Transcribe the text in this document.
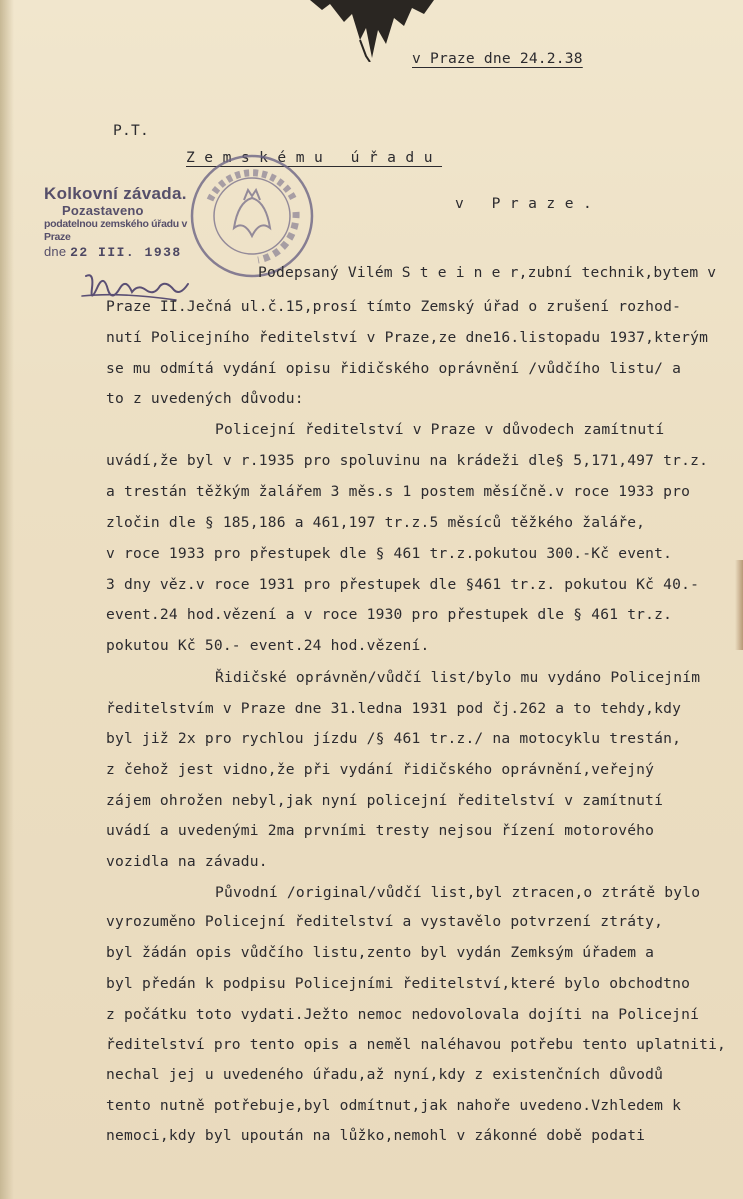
v Praze dne 24.2.38
P.T.
Zemskému úřadu
v Praze.
Kolkovní závada.
Pozastaveno
podatelnou zemského úřadu v Praze
dne 22 III. 1938
Podepsaný Vilém S t e i n e r,zubní technik,bytem v
Praze II.Ječná ul.č.15,prosí tímto Zemský úřad o zrušení rozhod-
nutí Policejního ředitelství v Praze,ze dne16.listopadu 1937,kterým
se mu odmítá vydání opisu řidičského oprávnění /vůdčího listu/ a
to z uvedených důvodu:
Policejní ředitelství v Praze v důvodech zamítnutí
uvádí,že byl v r.1935 pro spoluvinu na krádeži dle§ 5,171,497 tr.z.
a trestán těžkým žalářem 3 měs.s 1 postem měsíčně.v roce 1933 pro
zločin dle § 185,186 a 461,197 tr.z.5 měsíců těžkého žaláře,
v roce 1933 pro přestupek dle § 461 tr.z.pokutou 300.-Kč event.
3 dny věz.v roce 1931 pro přestupek dle §461 tr.z. pokutou Kč 40.-
event.24 hod.vězení a v roce 1930 pro přestupek dle § 461 tr.z.
pokutou Kč 50.- event.24 hod.vězení.
Řidičské oprávněn/vůdčí list/bylo mu vydáno Policejním
ředitelstvím v Praze dne 31.ledna 1931 pod čj.262 a to tehdy,kdy
byl již 2x pro rychlou jízdu /§ 461 tr.z./ na motocyklu trestán,
z čehož jest vidno,že při vydání řidičského oprávnění,veřejný
zájem ohrožen nebyl,jak nyní policejní ředitelství v zamítnutí
uvádí a uvedenými 2ma prvními tresty nejsou řízení motorového
vozidla na závadu.
Původní /original/vůdčí list,byl ztracen,o ztrátě bylo
vyrozuměno Policejní ředitelství a vystavělo potvrzení ztráty,
byl žádán opis vůdčího listu,zento byl vydán Zemksým úřadem a
byl předán k podpisu Policejními ředitelství,které bylo obchodtno
z počátku toto vydati.Ježto nemoc nedovolovala dojíti na Policejní
ředitelství pro tento opis a neměl naléhavou potřebu tento uplatniti,
nechal jej u uvedeného úřadu,až nyní,kdy z existenčních důvodů
tento nutně potřebuje,byl odmítnut,jak nahoře uvedeno.Vzhledem k
nemoci,kdy byl upoután na lůžko,nemohl v zákonné době podati
